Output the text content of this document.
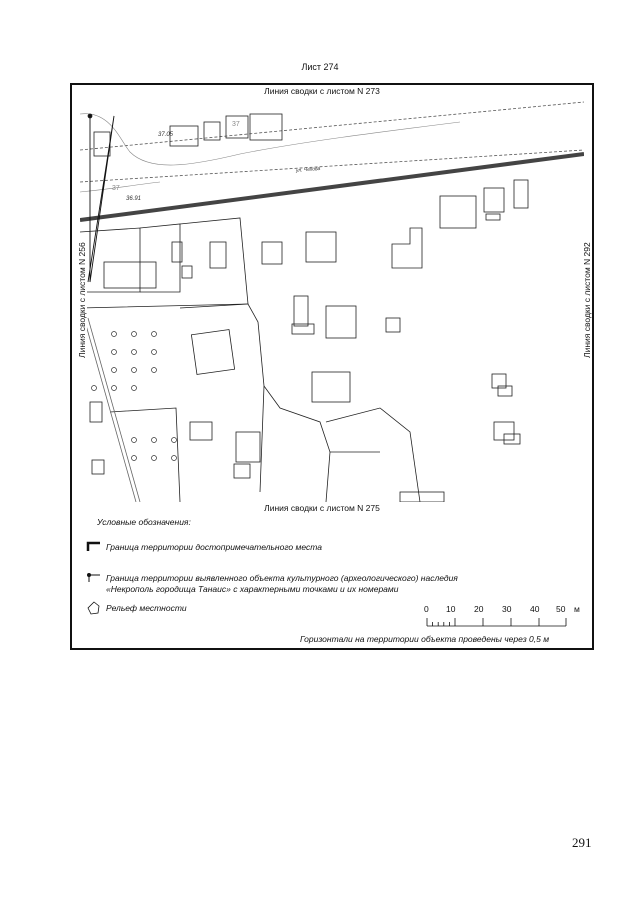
Лист 274
ул. Чехова
37.05
36.91
37
37
Линия сводки с листом N 273
Линия сводки с листом N 275
Линия сводки с листом N 256	Линия сводки с листом N 292
Условные обозначения:
Граница территории достопримечательного места
Граница территории выявленного объекта культурного (археологического) наследия
«Некрополь городища Танаис» с характерными точками и их номерами
Рельеф местности	0 10 20 30 40 50 м
Горизонтали на территории объекта проведены через 0,5 м
291
